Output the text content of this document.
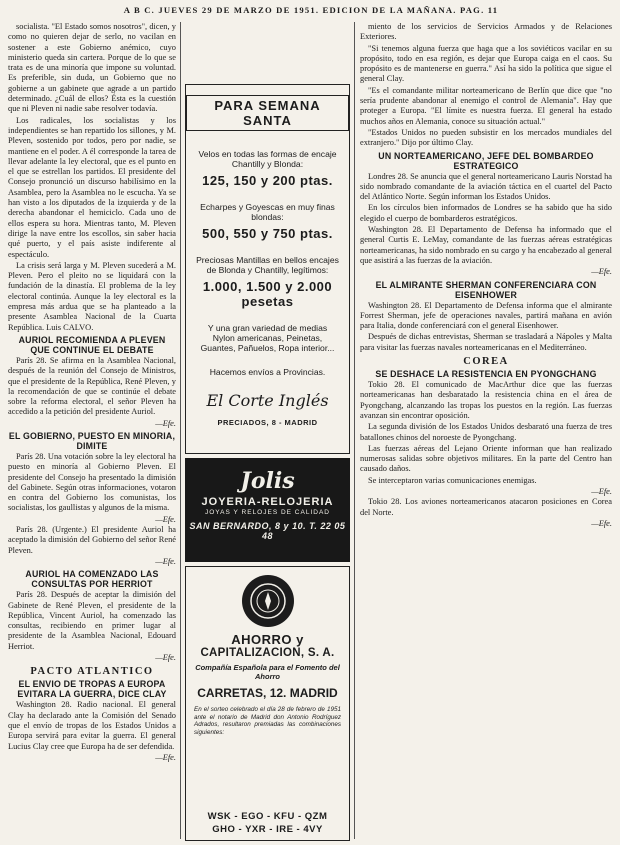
A B C. JUEVES 29 DE MARZO DE 1951. EDICION DE LA MAÑANA. PAG. 11

socialista. "El Estado somos nosotros", dicen, y como no quieren dejar de serlo, no vacilan en sostener a este Gobierno anémico, cuyo ministerio queda sin cartera. Porque de lo que se trata es de una minoría que impone su voluntad. Es preferible, sin duda, un Gobierno que no gobierne a un gabinete que agrade a un partido determinado. ¿Cuál de ellos? Ésta es la cuestión que ni Pleven ni nadie sabe resolver todavía.

Los radicales, los socialistas y los independientes se han repartido los sillones, y M. Pleven, sostenido por todos, pero por nadie, se mantiene en el poder. A él corresponde la tarea de llevar adelante la ley electoral, que es el punto en el que se estrellan los partidos. El presidente del Consejo pronunció un discurso habilísimo en la Asamblea, pero la Asamblea no le escucha. Ya se han visto a los diputados de la izquierda y de la derecha abandonar el hemiciclo. Cada uno de ellos espera su hora. Mientras tanto, M. Pleven dirige la nave entre los escollos, sin saber hacia qué puerto, y el país asiste indiferente al espectáculo.

La crisis será larga y M. Pleven sucederá a M. Pleven. Pero el pleito no se liquidará con la fundación de la dinastía. El problema de la ley electoral continúa. Aunque la ley electoral es la empresa más ardua que se ha planteado a la presente Asamblea Nacional de la Cuarta República. Luis CALVO.

AURIOL RECOMIENDA A PLEVEN QUE CONTINUE EL DEBATE

París 28. Se afirma en la Asamblea Nacional, después de la reunión del Consejo de Ministros, que el presidente de la República, René Pleven, y la recomendación de que se continúe el debate sobre la reforma electoral, el señor Pleven ha accedido a la petición del presidente Auriol.

—Efe.
EL GOBIERNO, PUESTO EN MINORIA, DIMITE

París 28. Una votación sobre la ley electoral ha puesto en minoría al Gobierno Pleven. El presidente del Consejo ha presentado la dimisión del Gabinete. Según otras informaciones, votaron en contra del Gobierno los comunistas, los socialistas, los gaullistas y algunos de la misma.

—Efe.

París 28. (Urgente.) El presidente Auriol ha aceptado la dimisión del Gobierno del señor René Pleven.

—Efe.
AURIOL HA COMENZADO LAS CONSULTAS POR HERRIOT

París 28. Después de aceptar la dimisión del Gabinete de René Pleven, el presidente de la República, Vincent Auriol, ha comenzado las consultas, recibiendo en primer lugar al presidente de la Asamblea Nacional, Edouard Herriot.

—Efe.
PACTO ATLANTICO
EL ENVIO DE TROPAS A EUROPA EVITARA LA GUERRA, DICE CLAY

Washington 28. Radio nacional. El general Clay ha declarado ante la Comisión del Senado que el envío de tropas de los Estados Unidos a Europa servirá para evitar la guerra. El general Lucius Clay cree que Europa ha de ser defendida.

—Efe.
PARA SEMANA SANTA
Velos en todas las formas de encaje Chantilly y Blonda:
125, 150 y 200 ptas.
Echarpes y Goyescas en muy finas blondas:
500, 550 y 750 ptas.
Preciosas Mantillas en bellos encajes de Blonda y Chantilly, legítimos:
1.000, 1.500 y 2.000 pesetas
Y una gran variedad de medias Nylon americanas, Peinetas, Guantes, Pañuelos, Ropa interior...
Hacemos envíos a Provincias.
El Corte Inglés
PRECIADOS, 8 - MADRID
Jolis
JOYERIA-RELOJERIA
JOYAS Y RELOJES DE CALIDAD
SAN BERNARDO, 8 y 10. T. 22 05 48
AHORRO y
CAPITALIZACION, S. A.
Compañía Española para el Fomento del Ahorro
CARRETAS, 12. MADRID
En el sorteo celebrado el día 28 de febrero de 1951 ante el notario de Madrid don Antonio Rodríguez Adrados, resultaron premiadas las combinaciones siguientes:
WSK - EGO - KFU - QZM
GHO - YXR - IRE - 4VY

miento de los servicios de Servicios Armados y de Relaciones Exteriores.

"Si tenemos alguna fuerza que haga que a los soviéticos vacilar en su propósito, todo en esa región, es dejar que Europa caiga en el caos. Su propósito es de mantenerse en guerra." Así ha sido la política que sigue el general Clay.

"Es el comandante militar norteamericano de Berlín que dice que "no sería prudente abandonar al enemigo el control de Alemania". Hay que proteger a Europa. "El límite es nuestra fuerza. El general ha estado muchos años en Alemania, conoce su situación actual."

"Estados Unidos no pueden subsistir en los mercados mundiales del extranjero." Dijo por último Clay.

UN NORTEAMERICANO, JEFE DEL BOMBARDEO ESTRATEGICO

Londres 28. Se anuncia que el general norteamericano Lauris Norstad ha sido nombrado comandante de la aviación táctica en el cuartel del Pacto del Atlántico Norte. Según informan los Estados Unidos.

En los círculos bien informados de Londres se ha sabido que ha sido elegido el cuerpo de bombarderos estratégicos.

Washington 28. El Departamento de Defensa ha informado que el general Curtis E. LeMay, comandante de las fuerzas aéreas estratégicas norteamericanas, ha sido nombrado en su cargo y ha encabezado al general que asistirá a las fuerzas de la aviación.

—Efe.
EL ALMIRANTE SHERMAN CONFERENCIARA CON EISENHOWER

Washington 28. El Departamento de Defensa informa que el almirante Forrest Sherman, jefe de operaciones navales, partirá mañana en avión para Italia, donde conferenciará con el general Eisenhower.

Después de dichas entrevistas, Sherman se trasladará a Nápoles y Malta para visitar las fuerzas navales norteamericanas en el Mediterráneo.

COREA
SE DESHACE LA RESISTENCIA EN PYONGCHANG

Tokio 28. El comunicado de MacArthur dice que las fuerzas norteamericanas han desbaratado la resistencia china en el área de Pyongchang, alcanzando las tropas los puestos en la región. Las fuerzas avanzan sin encontrar oposición.

La segunda división de los Estados Unidos desbarató una fuerza de tres batallones chinos del noroeste de Pyongchang.

Las fuerzas aéreas del Lejano Oriente informan que han realizado numerosas salidas sobre objetivos militares. En la parte del Centro han causado daños.

Se interceptaron varias comunicaciones enemigas.

—Efe.

Tokio 28. Los aviones norteamericanos atacaron posiciones en Corea del Norte.

—Efe.
